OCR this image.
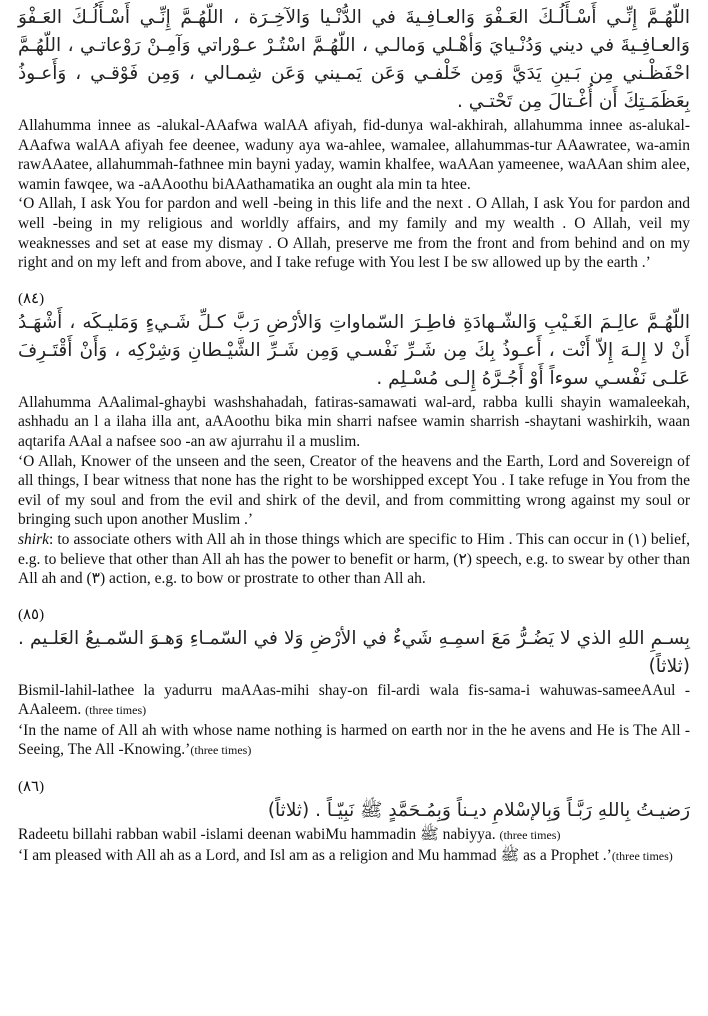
اللّهُـمَّ إِنِّـي أَسْـأَلُـكَ العَـفْوَ وَالعـافِـيةَ في الدُّنْـيا وَالآخِـرَة ، اللّهُـمَّ إِنِّـي أَسْـأَلُـكَ العَـفْوَ وَالعـافِـيةَ في ديني وَدُنْـيايَ وَأهْـلي وَمالـي ، اللّهُـمَّ اسْتُـرْ عـوْراتي وَآمِـنْ رَوْعاتـي ، اللّهُـمَّ احْفَظْـني مِن بَـينِ يَدَيَّ وَمِن خَلْفـي وَعَن يَمـيني وَعَن شِمـالي ، وَمِن فَوْقـي ، وَأَعـوذُ بِعَظَمَـتِكَ أَن أُغْـتالَ مِن تَحْتـي .
Allahumma innee as -alukal-AAafwa walAA afiyah, fid-dunya wal-akhirah, allahumma innee as-alukal-AAafwa walAA afiyah fee deenee, waduny aya wa-ahlee, wamalee, allahummas-tur AAawratee, wa-amin rawAAatee, allahummah-fathnee min bayni yaday, wamin khalfee, waAAan yameenee, waAAan shim alee, wamin fawqee, wa -aAAoothu biAAathamatika an ought ala min ta htee.
‘O Allah, I ask You for pardon and well -being in this life and the next . O Allah, I ask You for pardon and well -being in my religious and worldly affairs, and my family and my wealth . O Allah, veil my weaknesses and set at ease my dismay . O Allah, preserve me from the front and from behind and on my right and on my left and from above, and I take refuge with You lest I be sw allowed up by the earth .’
(٨٤)
اللّهُـمَّ عالِـمَ الغَـيْبِ وَالشّـهادَةِ فاطِـرَ السّماواتِ وَالأرْضِ رَبَّ كـلِّ شَـيءٍ وَمَليـكَه ، أَشْهَـدُ أَنْ لا إِلـهَ إِلاّ أَنْت ، أَعـوذُ بِكَ مِن شَـرِّ نَفْسـي وَمِن شَـرِّ الشَّيْـطانِ وَشِرْكِه ، وَأَنْ أَقْتَـرِفَ عَلـى نَفْسـي سوءاً أَوْ أَجُـرَّهُ إِلـى مُسْـلِم .
Allahumma AAalimal-ghaybi washshahadah, fatiras-samawati wal-ard, rabba kulli shayin wamaleekah, ashhadu an l a ilaha illa ant, aAAoothu bika min sharri nafsee wamin sharrish -shaytani washirkih, waan aqtarifa AAal a nafsee soo -an aw ajurrahu il a muslim.
‘O Allah, Knower of the unseen and the seen, Creator of the heavens and the Earth, Lord and Sovereign of all things, I bear witness that none has the right to be worshipped except You . I take refuge in You from the evil of my soul and from the evil and shirk of the devil, and from committing wrong against my soul or bringing such upon another Muslim .’
shirk: to associate others with All ah in those things which are specific to Him . This can occur in (١) belief, e.g. to believe that other than All ah has the power to benefit or harm, (٢) speech, e.g. to swear by other than All ah and (٣) action, e.g. to bow or prostrate to other than All ah.
(٨٥)
بِسـمِ اللهِ الذي لا يَضُـرُّ مَعَ اسمِـهِ شَيءٌ في الأرْضِ وَلا في السّمـاءِ وَهـوَ السّمـيعُ العَلـيم . (ثلاثاً)
Bismil-lahil-lathee la yadurru maAAas-mihi shay-on fil-ardi wala fis-sama-i wahuwas-sameeAAul -AAaleem. (three times)
‘In the name of All ah with whose name nothing is harmed on earth nor in the he avens and He is The All -Seeing, The All -Knowing.’(three times)
(٨٦)
رَضيـتُ بِاللهِ رَبَّـاً وَبِالإسْلامِ ديـناً وَبِمُـحَمَّدٍ ﷺ نَبِيّـاً . (ثلاثاً)
Radeetu billahi rabban wabil -islami deenan wabiMu hammadin ﷺ nabiyya. (three times)
‘I am pleased with All ah as a Lord, and Isl am as a religion and Mu hammad ﷺ as a Prophet .’(three times)
